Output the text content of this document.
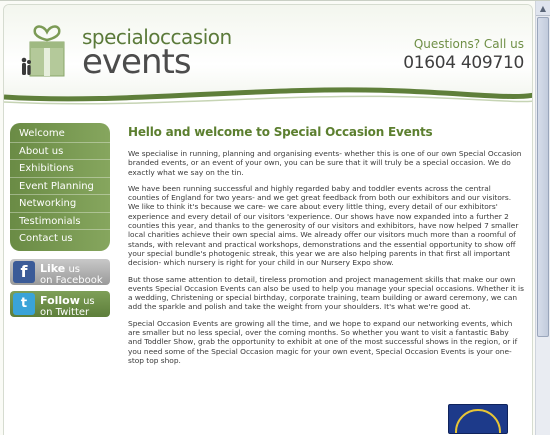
specialoccasion
events	Questions? Call us
01604 409710
Welcome
About us
Exhibitions
Event Planning
Networking
Testimonials
Contact us
f	Like us
on Facebook
t	Follow us
on Twitter
Hello and welcome to Special Occasion Events

We specialise in running, planning and organising events- whether this is one of our own Special Occasion branded events, or an event of your own, you can be sure that it will truly be a special occasion. We do exactly what we say on the tin.

We have been running successful and highly regarded baby and toddler events across the central counties of England for two years- and we get great feedback from both our exhibitors and our visitors. We like to think it's because we care- we care about every little thing, every detail of our exhibitors' experience and every detail of our visitors 'experience. Our shows have now expanded into a further 2 counties this year, and thanks to the generosity of our visitors and exhibitors, have now helped 7 smaller local charities achieve their own special aims. We already offer our visitors much more than a roomful of stands, with relevant and practical workshops, demonstrations and the essential opportunity to show off your special bundle's photogenic streak, this year we are also helping parents in that first all important decision- which nursery is right for your child in our Nursery Expo show.

But those same attention to detail, tireless promotion and project management skills that make our own events Special Occasion Events can also be used to help you manage your special occasions. Whether it is a wedding, Christening or special birthday, corporate training, team building or award ceremony, we can add the sparkle and polish and take the weight from your shoulders. It's what we're good at.

Special Occasion Events are growing all the time, and we hope to expand our networking events, which are smaller but no less special, over the coming months. So whether you want to visit a fantastic Baby and Toddler Show, grab the opportunity to exhibit at one of the most successful shows in the region, or if you need some of the Special Occasion magic for your own event, Special Occasion Events is your one-stop top shop.

▲
